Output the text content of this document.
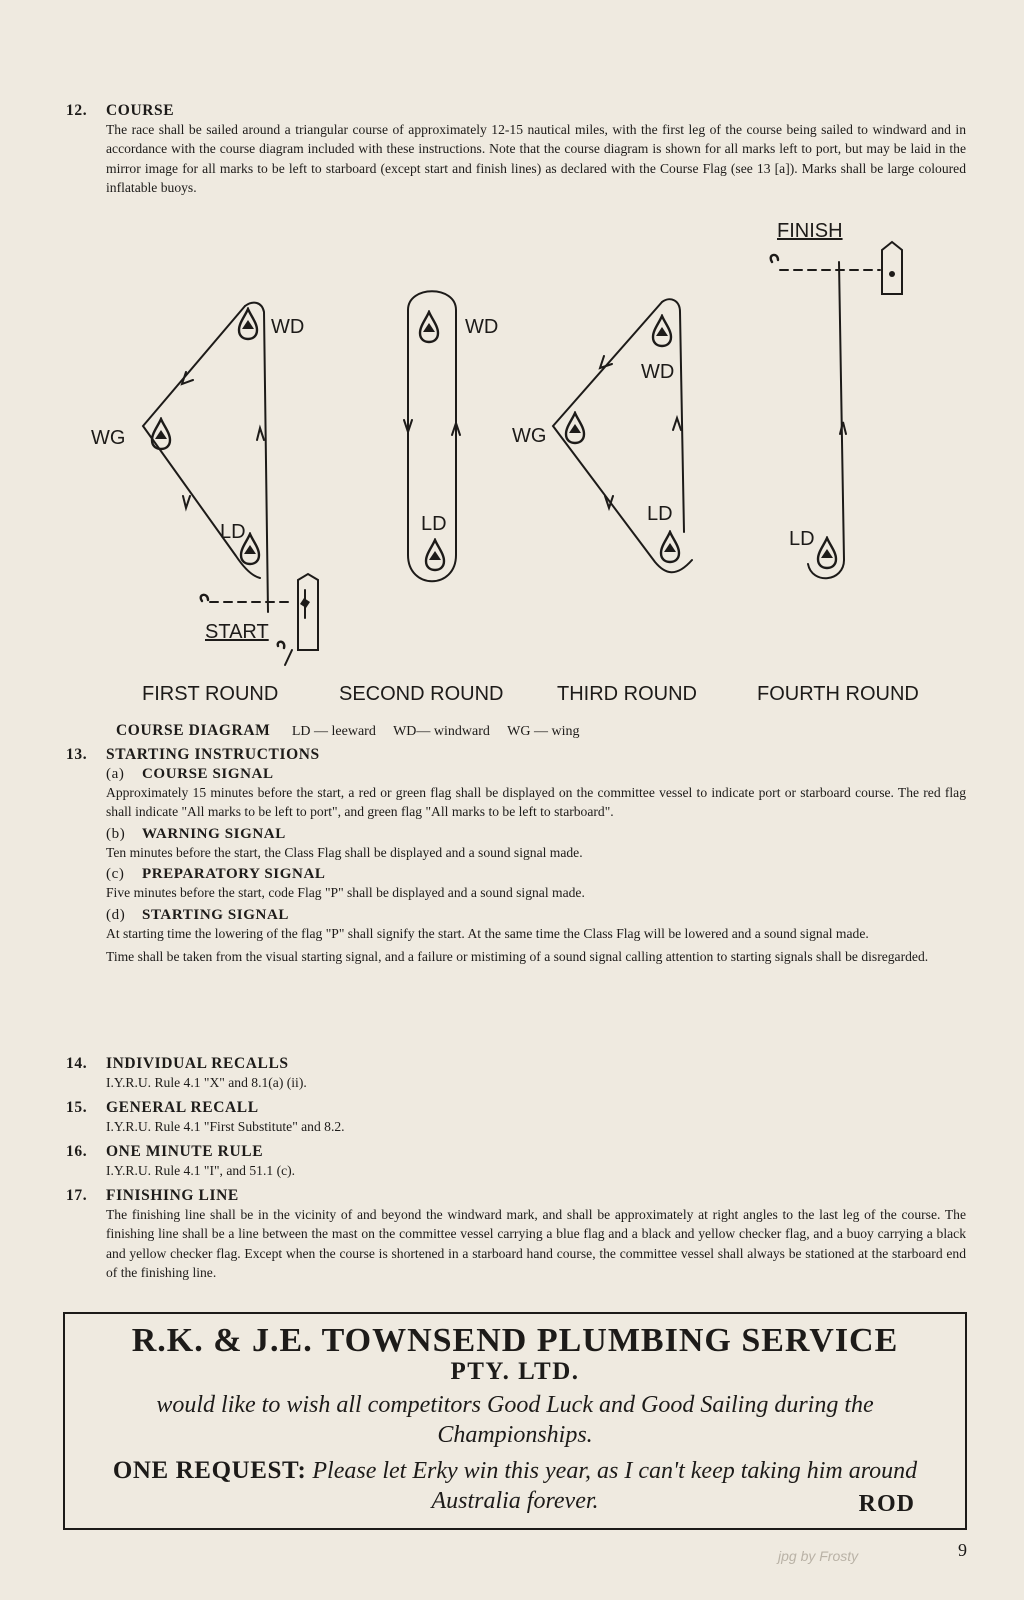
12. COURSE
The race shall be sailed around a triangular course of approximately 12-15 nautical miles, with the first leg of the course being sailed to windward and in accordance with the course diagram included with these instructions. Note that the course diagram is shown for all marks left to port, but may be laid in the mirror image for all marks to be left to starboard (except start and finish lines) as declared with the Course Flag (see 13 [a]). Marks shall be large coloured inflatable buoys.
WD
WG
LD
START
WD
LD
WD
WG
LD
FINISH
LD
FIRST ROUND	SECOND ROUND	THIRD ROUND	FOURTH ROUND
COURSE DIAGRAM LD — leeward WD— windward WG — wing
13. STARTING INSTRUCTIONS
(a) COURSE SIGNAL
Approximately 15 minutes before the start, a red or green flag shall be displayed on the committee vessel to indicate port or starboard course. The red flag shall indicate "All marks to be left to port", and green flag "All marks to be left to starboard".
(b) WARNING SIGNAL
Ten minutes before the start, the Class Flag shall be displayed and a sound signal made.
(c) PREPARATORY SIGNAL
Five minutes before the start, code Flag "P" shall be displayed and a sound signal made.
(d) STARTING SIGNAL
At starting time the lowering of the flag "P" shall signify the start. At the same time the Class Flag will be lowered and a sound signal made.
Time shall be taken from the visual starting signal, and a failure or mistiming of a sound signal calling attention to starting signals shall be disregarded.
14. INDIVIDUAL RECALLS
I.Y.R.U. Rule 4.1 "X" and 8.1(a) (ii).
15. GENERAL RECALL
I.Y.R.U. Rule 4.1 "First Substitute" and 8.2.
16. ONE MINUTE RULE
I.Y.R.U. Rule 4.1 "I", and 51.1 (c).
17. FINISHING LINE
The finishing line shall be in the vicinity of and beyond the windward mark, and shall be approximately at right angles to the last leg of the course. The finishing line shall be a line between the mast on the committee vessel carrying a blue flag and a black and yellow checker flag, and a buoy carrying a black and yellow checker flag. Except when the course is shortened in a starboard hand course, the committee vessel shall always be stationed at the starboard end of the finishing line.
R.K. & J.E. TOWNSEND PLUMBING SERVICE
PTY. LTD.
would like to wish all competitors Good Luck and Good Sailing during the Championships.
ONE REQUEST: Please let Erky win this year, as I can't keep taking him around Australia forever.	ROD
jpg by Frosty	9
